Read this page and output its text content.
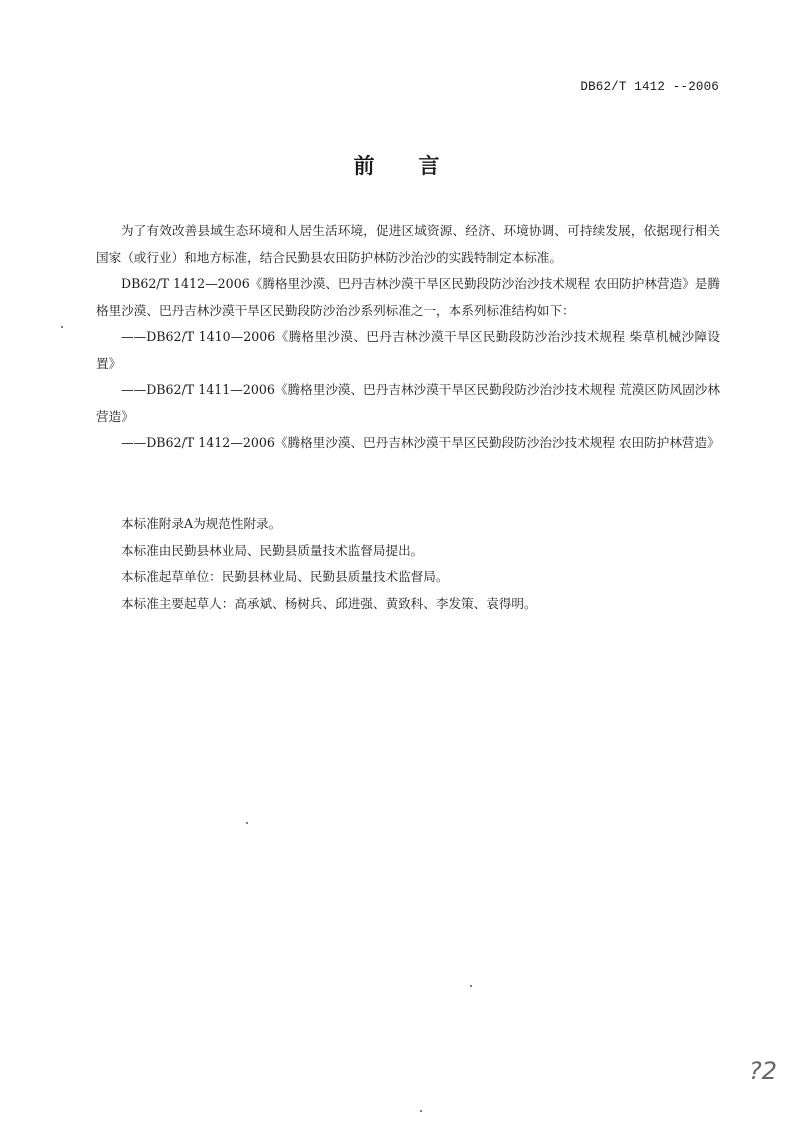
DB62/T 1412 --2006
前言

为了有效改善县域生态环境和人居生活环境，促进区域资源、经济、环境协调、可持续发展，依据现行相关国家（或行业）和地方标准，结合民勤县农田防护林防沙治沙的实践特制定本标准。

DB62/T 1412—2006《腾格里沙漠、巴丹吉林沙漠干旱区民勤段防沙治沙技术规程 农田防护林营造》是腾格里沙漠、巴丹吉林沙漠干旱区民勤段防沙治沙系列标准之一，本系列标准结构如下：

——DB62/T 1410—2006《腾格里沙漠、巴丹吉林沙漠干旱区民勤段防沙治沙技术规程 柴草机械沙障设置》

——DB62/T 1411—2006《腾格里沙漠、巴丹吉林沙漠干旱区民勤段防沙治沙技术规程 荒漠区防风固沙林营造》

——DB62/T 1412—2006《腾格里沙漠、巴丹吉林沙漠干旱区民勤段防沙治沙技术规程 农田防护林营造》

本标准附录A为规范性附录。

本标准由民勤县林业局、民勤县质量技术监督局提出。

本标准起草单位：民勤县林业局、民勤县质量技术监督局。

本标准主要起草人：高承斌、杨树兵、邱进强、黄致科、李发策、袁得明。

?2
